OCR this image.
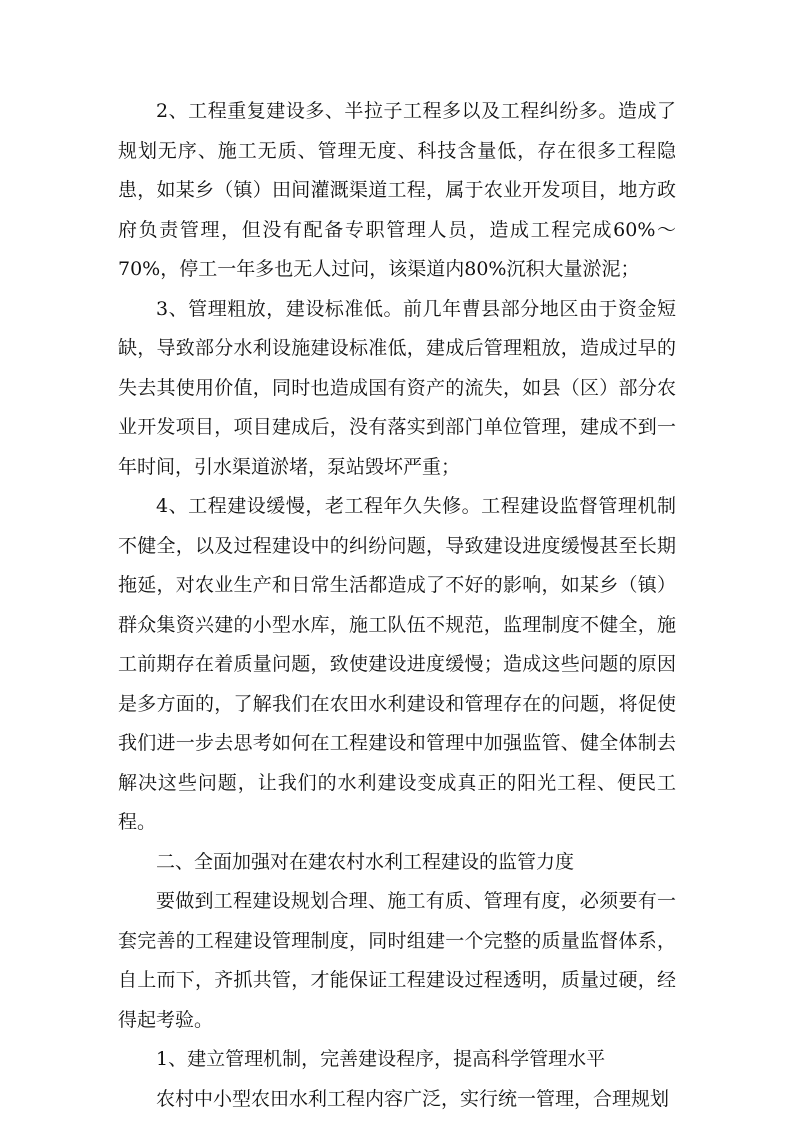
2、工程重复建设多、半拉子工程多以及工程纠纷多。造成了规划无序、施工无质、管理无度、科技含量低，存在很多工程隐患，如某乡（镇）田间灌溉渠道工程，属于农业开发项目，地方政府负责管理，但没有配备专职管理人员，造成工程完成60%～70%，停工一年多也无人过问，该渠道内80%沉积大量淤泥；

3、管理粗放，建设标准低。前几年曹县部分地区由于资金短缺，导致部分水利设施建设标准低，建成后管理粗放，造成过早的失去其使用价值，同时也造成国有资产的流失，如县（区）部分农业开发项目，项目建成后，没有落实到部门单位管理，建成不到一年时间，引水渠道淤堵，泵站毁坏严重；

4、工程建设缓慢，老工程年久失修。工程建设监督管理机制不健全，以及过程建设中的纠纷问题，导致建设进度缓慢甚至长期拖延，对农业生产和日常生活都造成了不好的影响，如某乡（镇）群众集资兴建的小型水库，施工队伍不规范，监理制度不健全，施工前期存在着质量问题，致使建设进度缓慢；造成这些问题的原因是多方面的，了解我们在农田水利建设和管理存在的问题，将促使我们进一步去思考如何在工程建设和管理中加强监管、健全体制去解决这些问题，让我们的水利建设变成真正的阳光工程、便民工程。

二、全面加强对在建农村水利工程建设的监管力度

要做到工程建设规划合理、施工有质、管理有度，必须要有一套完善的工程建设管理制度，同时组建一个完整的质量监督体系，自上而下，齐抓共管，才能保证工程建设过程透明，质量过硬，经得起考验。

1、建立管理机制，完善建设程序，提高科学管理水平

农村中小型农田水利工程内容广泛，实行统一管理，合理规划
